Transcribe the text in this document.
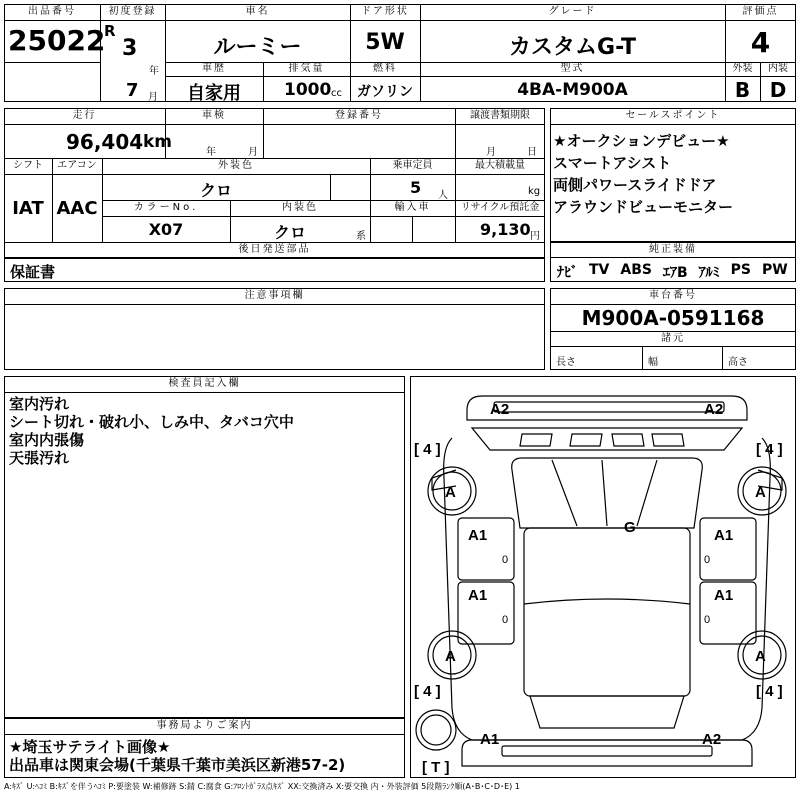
出品番号
25022
初度登録
R
3
年
7 月
車名
ルーミー
ドア形状
5W
グレード
カスタムG-T
評価点
4
車歴
自家用
排気量
1000 cc
燃料
ガソリン
型式
4BA-M900A
外装	内装
B D
走行
96,404 km
車検
年	月
登録番号	譲渡書類期限
月	日
シフト
IAT
エアコン
AAC
外装色
クロ
乗車定員
5 人
最大積載量
kg
カラーNo.
X07
内装色
クロ	系
輸入車	リサイクル預託金
9,130 円
後日発送部品
保証書
セールスポイント
★オークションデビュー★
スマートアシスト
両側パワースライドドア
アラウンドビューモニター
純正装備
ﾅﾋﾞ TV ABS ｴｱB ｱﾙﾐ PS PW
注意事項欄	車台番号
M900A-0591168
諸元
長さ	幅	高さ
検査員記入欄
室内汚れ
シート切れ・破れ小、しみ中、タバコ穴中
室内内張傷
天張汚れ
事務局よりご案内
★埼玉サテライト画像★
出品車は関東会場(千葉県千葉市美浜区新港57-2)
A2	A2
G
A1
0
A1
0
A1
0
A1
0
A	A
A	A
[ 4 ]	[ 4 ]
[ 4 ]	[ 4 ]
A1	A2
[ T ]
A:ｷｽﾞ U:ﾍｺﾐ B:ｷｽﾞを伴うﾍｺﾐ P:要塗装 W:補修跡 S:錆 C:腐食 G:ﾌﾛﾝﾄｶﾞﾗｽ点ｷｽﾞ XX:交換済み X:要交換 内・外装評価 5段階ﾗﾝｸ順(A･B･C･D･E) 1
